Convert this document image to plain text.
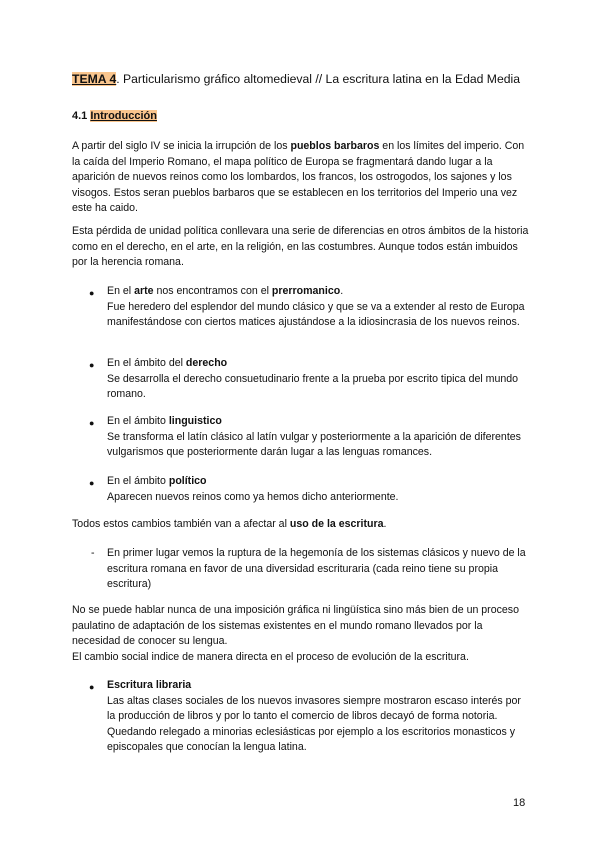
TEMA 4. Particularismo gráfico altomedieval // La escritura latina en la Edad Media
4.1 Introducción

A partir del siglo IV se inicia la irrupción de los pueblos barbaros en los límites del imperio. Con la caída del Imperio Romano, el mapa político de Europa se fragmentará dando lugar a la aparición de nuevos reinos como los lombardos, los francos, los ostrogodos, los sajones y los visogos. Estos seran pueblos barbaros que se establecen en los territorios del Imperio una vez este ha caido.

Esta pérdida de unidad política conllevara una serie de diferencias en otros ámbitos de la historia como en el derecho, en el arte, en la religión, en las costumbres. Aunque todos están imbuidos por la herencia romana.

● En el arte nos encontramos con el prerromanico.
Fue heredero del esplendor del mundo clásico y que se va a extender al resto de Europa manifestándose con ciertos matices ajustándose a la idiosincrasia de los nuevos reinos.

● En el ámbito del derecho
Se desarrolla el derecho consuetudinario frente a la prueba por escrito tipica del mundo romano.

● En el ámbito linguistico
Se transforma el latín clásico al latín vulgar y posteriormente a la aparición de diferentes vulgarismos que posteriormente darán lugar a las lenguas romances.

● En el ámbito político
Aparecen nuevos reinos como ya hemos dicho anteriormente.

Todos estos cambios también van a afectar al uso de la escritura.

- En primer lugar vemos la ruptura de la hegemonía de los sistemas clásicos y nuevo de la escritura romana en favor de una diversidad escrituraria (cada reino tiene su propia escritura)

No se puede hablar nunca de una imposición gráfica ni lingüística sino más bien de un proceso paulatino de adaptación de los sistemas existentes en el mundo romano llevados por la necesidad de conocer su lengua.

El cambio social indice de manera directa en el proceso de evolución de la escritura.

● Escritura libraria
Las altas clases sociales de los nuevos invasores siempre mostraron escaso interés por la producción de libros y por lo tanto el comercio de libros decayó de forma notoria. Quedando relegado a minorias eclesiásticas por ejemplo a los escritorios monasticos y episcopales que conocían la lengua latina.

18
